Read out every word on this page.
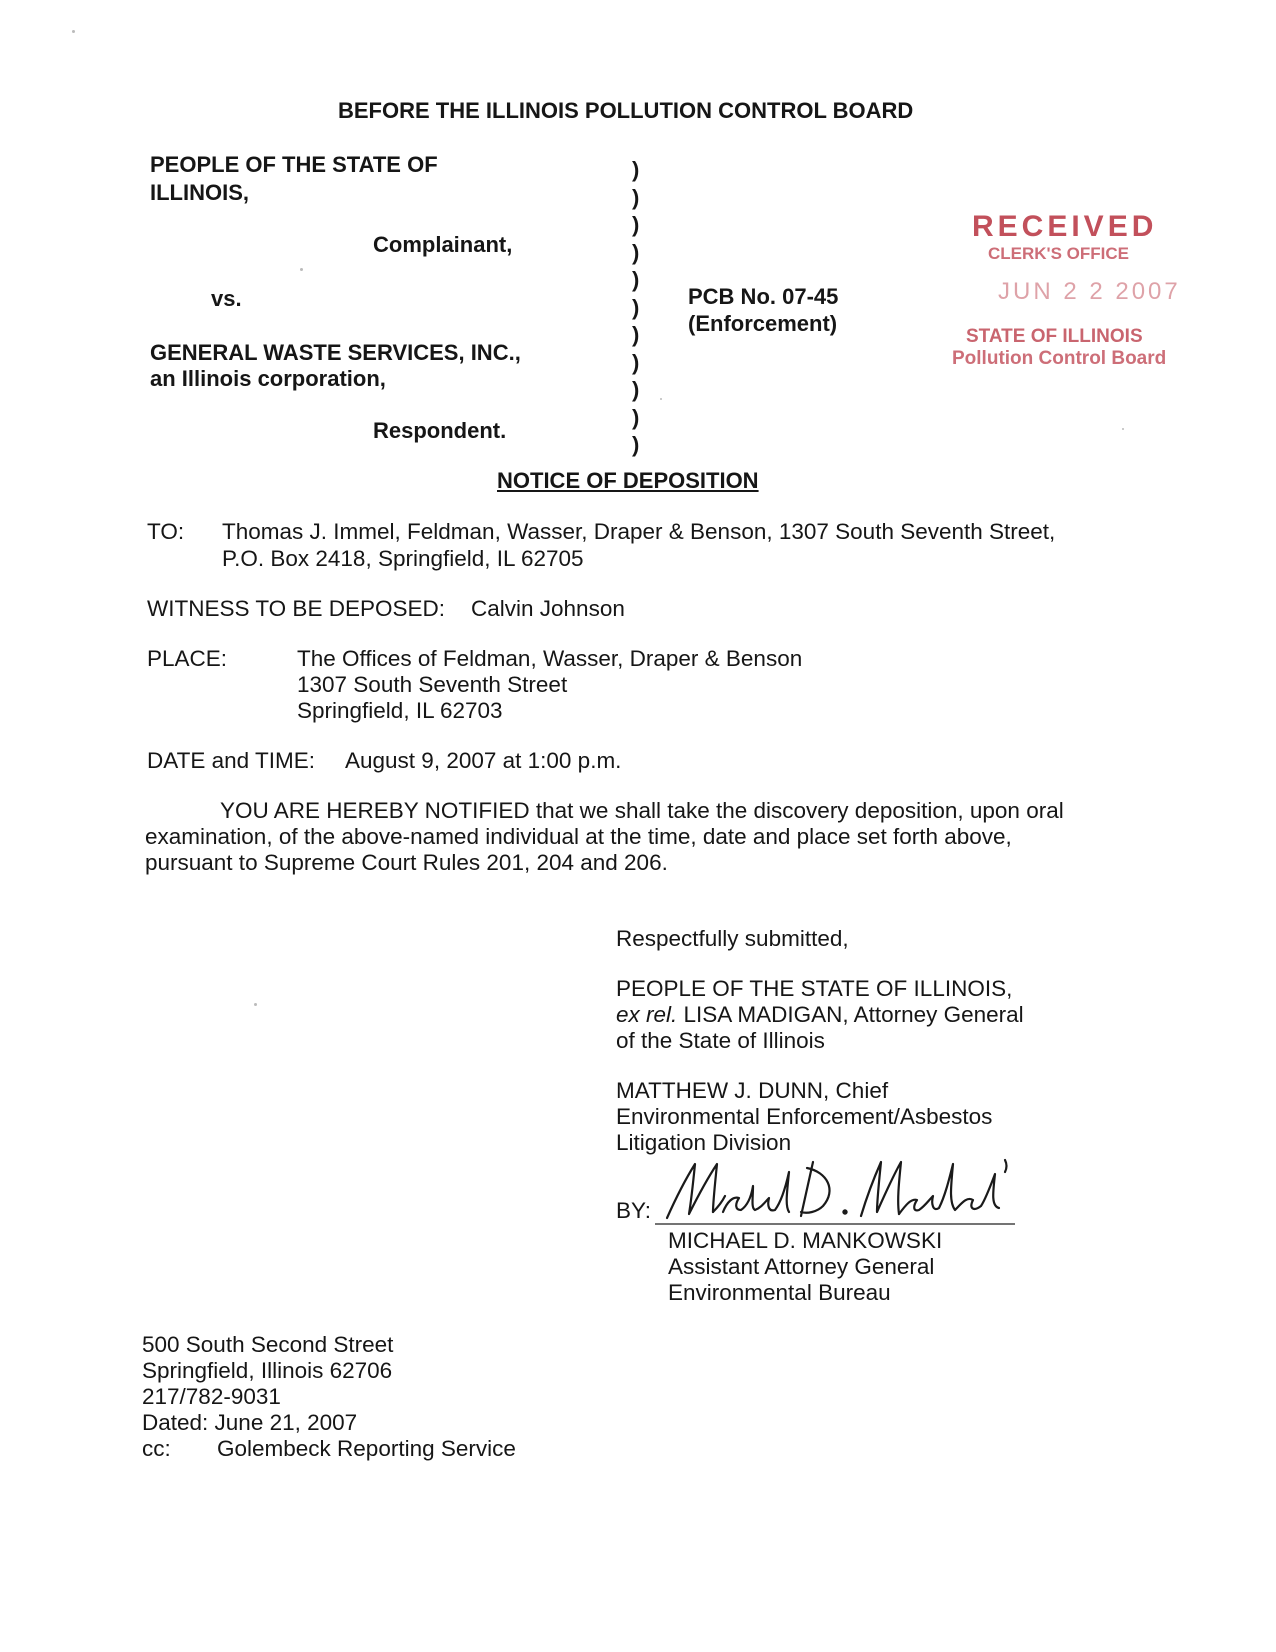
BEFORE THE ILLINOIS POLLUTION CONTROL BOARD
PEOPLE OF THE STATE OF
ILLINOIS,
Complainant,
vs.
GENERAL WASTE SERVICES, INC.,
an Illinois corporation,
Respondent.
)
)
)
)
)
)
)
)
)
)
)
PCB No. 07-45
(Enforcement)
RECEIVED
CLERK'S OFFICE
JUN 2 2 2007
STATE OF ILLINOIS
Pollution Control Board
NOTICE OF DEPOSITION
TO: Thomas J. Immel, Feldman, Wasser, Draper & Benson, 1307 South Seventh Street,
P.O. Box 2418, Springfield, IL 62705
WITNESS TO BE DEPOSED: Calvin Johnson
PLACE:	The Offices of Feldman, Wasser, Draper & Benson
1307 South Seventh Street
Springfield, IL 62703
DATE and TIME: August 9, 2007 at 1:00 p.m.
YOU ARE HEREBY NOTIFIED that we shall take the discovery deposition, upon oral
examination, of the above-named individual at the time, date and place set forth above,
pursuant to Supreme Court Rules 201, 204 and 206.
Respectfully submitted,
PEOPLE OF THE STATE OF ILLINOIS,
ex rel. LISA MADIGAN, Attorney General
of the State of Illinois
MATTHEW J. DUNN, Chief
Environmental Enforcement/Asbestos
Litigation Division
BY:
MICHAEL D. MANKOWSKI
Assistant Attorney General
Environmental Bureau
500 South Second Street
Springfield, Illinois 62706
217/782-9031
Dated: June 21, 2007
cc: Golembeck Reporting Service
